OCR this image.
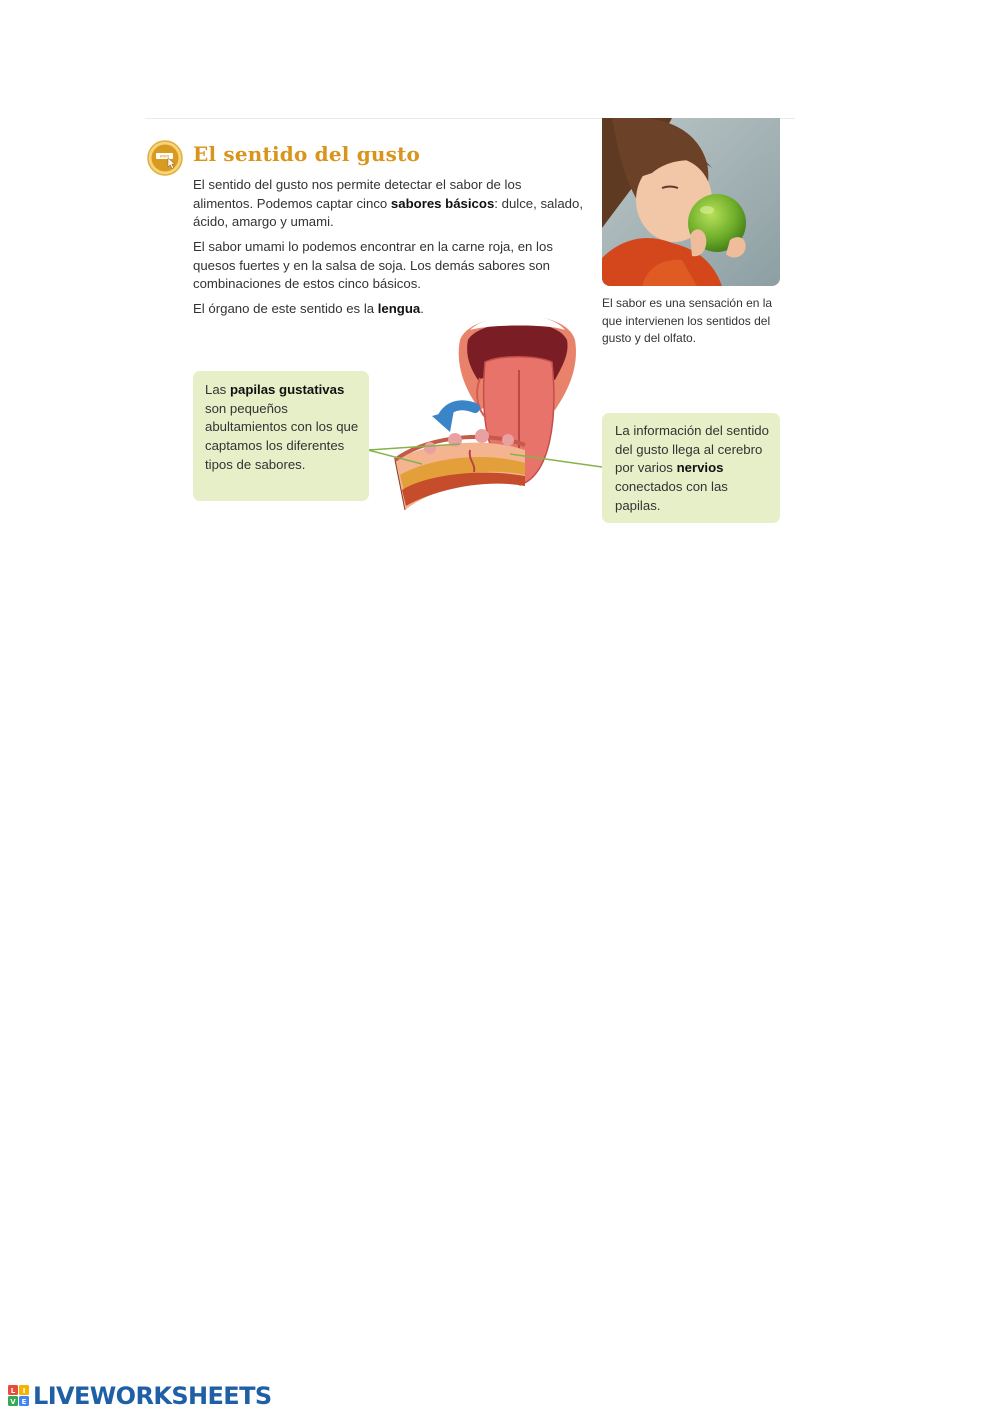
www El sentido del gusto

El sentido del gusto nos permite detectar el sabor de los alimentos. Podemos captar cinco sabores básicos: dulce, salado, ácido, amargo y umami.

El sabor umami lo podemos encontrar en la carne roja, en los quesos fuertes y en la salsa de soja. Los demás sabores son combinaciones de estos cinco básicos.

El órgano de este sentido es la lengua.	El sabor es una sensación en la que intervienen los sentidos del gusto y del olfato.
Las papilas gustativas son pequeños abultamientos con los que captamos los diferentes tipos de sabores.
La información del sentido del gusto llega al cerebro por varios nervios conectados con las papilas.
L I
V E LIVEWORKSHEETS
